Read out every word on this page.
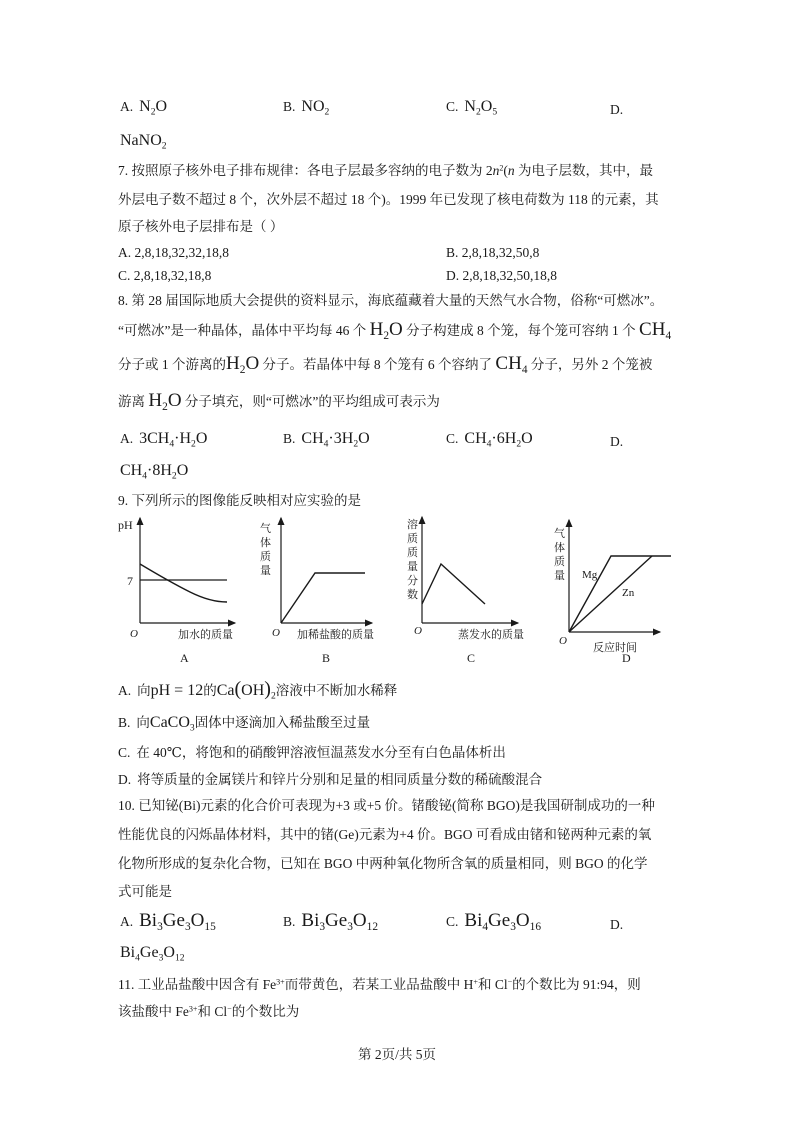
A. $N_2O$	B. $NO_2$	C. $N_2O_5$	D.
NaNO$_2$
7. 按照原子核外电子排布规律：各电子层最多容纳的电子数为 $2n^2(n$ 为电子层数，其中，最
外层电子数不超过 8 个，次外层不超过 18 个)。1999 年已发现了核电荷数为 118 的元素，其
原子核外电子层排布是（ ）
A. 2,8,18,32,32,18,8	B. 2,8,18,32,50,8
C. 2,8,18,32,18,8	D. 2,8,18,32,50,18,8
8. 第 28 届国际地质大会提供的资料显示，海底蕴藏着大量的天然气水合物，俗称“可燃冰”。
“可燃冰”是一种晶体，晶体中平均每 46 个 $H_2O$ 分子构建成 8 个笼，每个笼可容纳 1 个 $CH_4$
分子或 1 个游离的$H_2O$ 分子。若晶体中每 8 个笼有 6 个容纳了 $CH_4$ 分子，另外 2 个笼被
游离 $H_2O$ 分子填充，则“可燃冰”的平均组成可表示为
A. $3CH_4\cdot H_2O$	B. $CH_4\cdot 3H_2O$	C. $CH_4\cdot 6H_2O$	D.
$CH_4\cdot 8H_2O$
9. 下列所示的图像能反映相对应实验的是
pH
7
O	加水的质量
A
气
体
质
量
O 加稀盐酸的质量
B
溶
质
质
量
分
数
O	蒸发水的质量
C
气
体
质
量 Mg
Zn
O
反应时间
D
A. 向pH = 12的$Ca(OH)_2$溶液中不断加水稀释
B. 向CaCO$_3$固体中逐滴加入稀盐酸至过量
C. 在 40℃，将饱和的硝酸钾溶液恒温蒸发水分至有白色晶体析出
D. 将等质量的金属镁片和锌片分别和足量的相同质量分数的稀硫酸混合
10. 已知铋(Bi)元素的化合价可表现为+3 或+5 价。锗酸铋(简称 BGO)是我国研制成功的一种
性能优良的闪烁晶体材料，其中的锗(Ge)元素为+4 价。BGO 可看成由锗和铋两种元素的氧
化物所形成的复杂化合物，已知在 BGO 中两种氧化物所含氧的质量相同，则 BGO 的化学
式可能是
A. $Bi_3Ge_3O_{15}$	B. $Bi_3Ge_3O_{12}$	C. $Bi_4Ge_3O_{16}$	D.
$Bi_4Ge_3O_{12}$
11. 工业品盐酸中因含有 $Fe^{3+}$而带黄色，若某工业品盐酸中 H+和 Cl−的个数比为 91:94，则
该盐酸中 $Fe^{3+}$和 Cl−的个数比为
第 2页/共 5页
